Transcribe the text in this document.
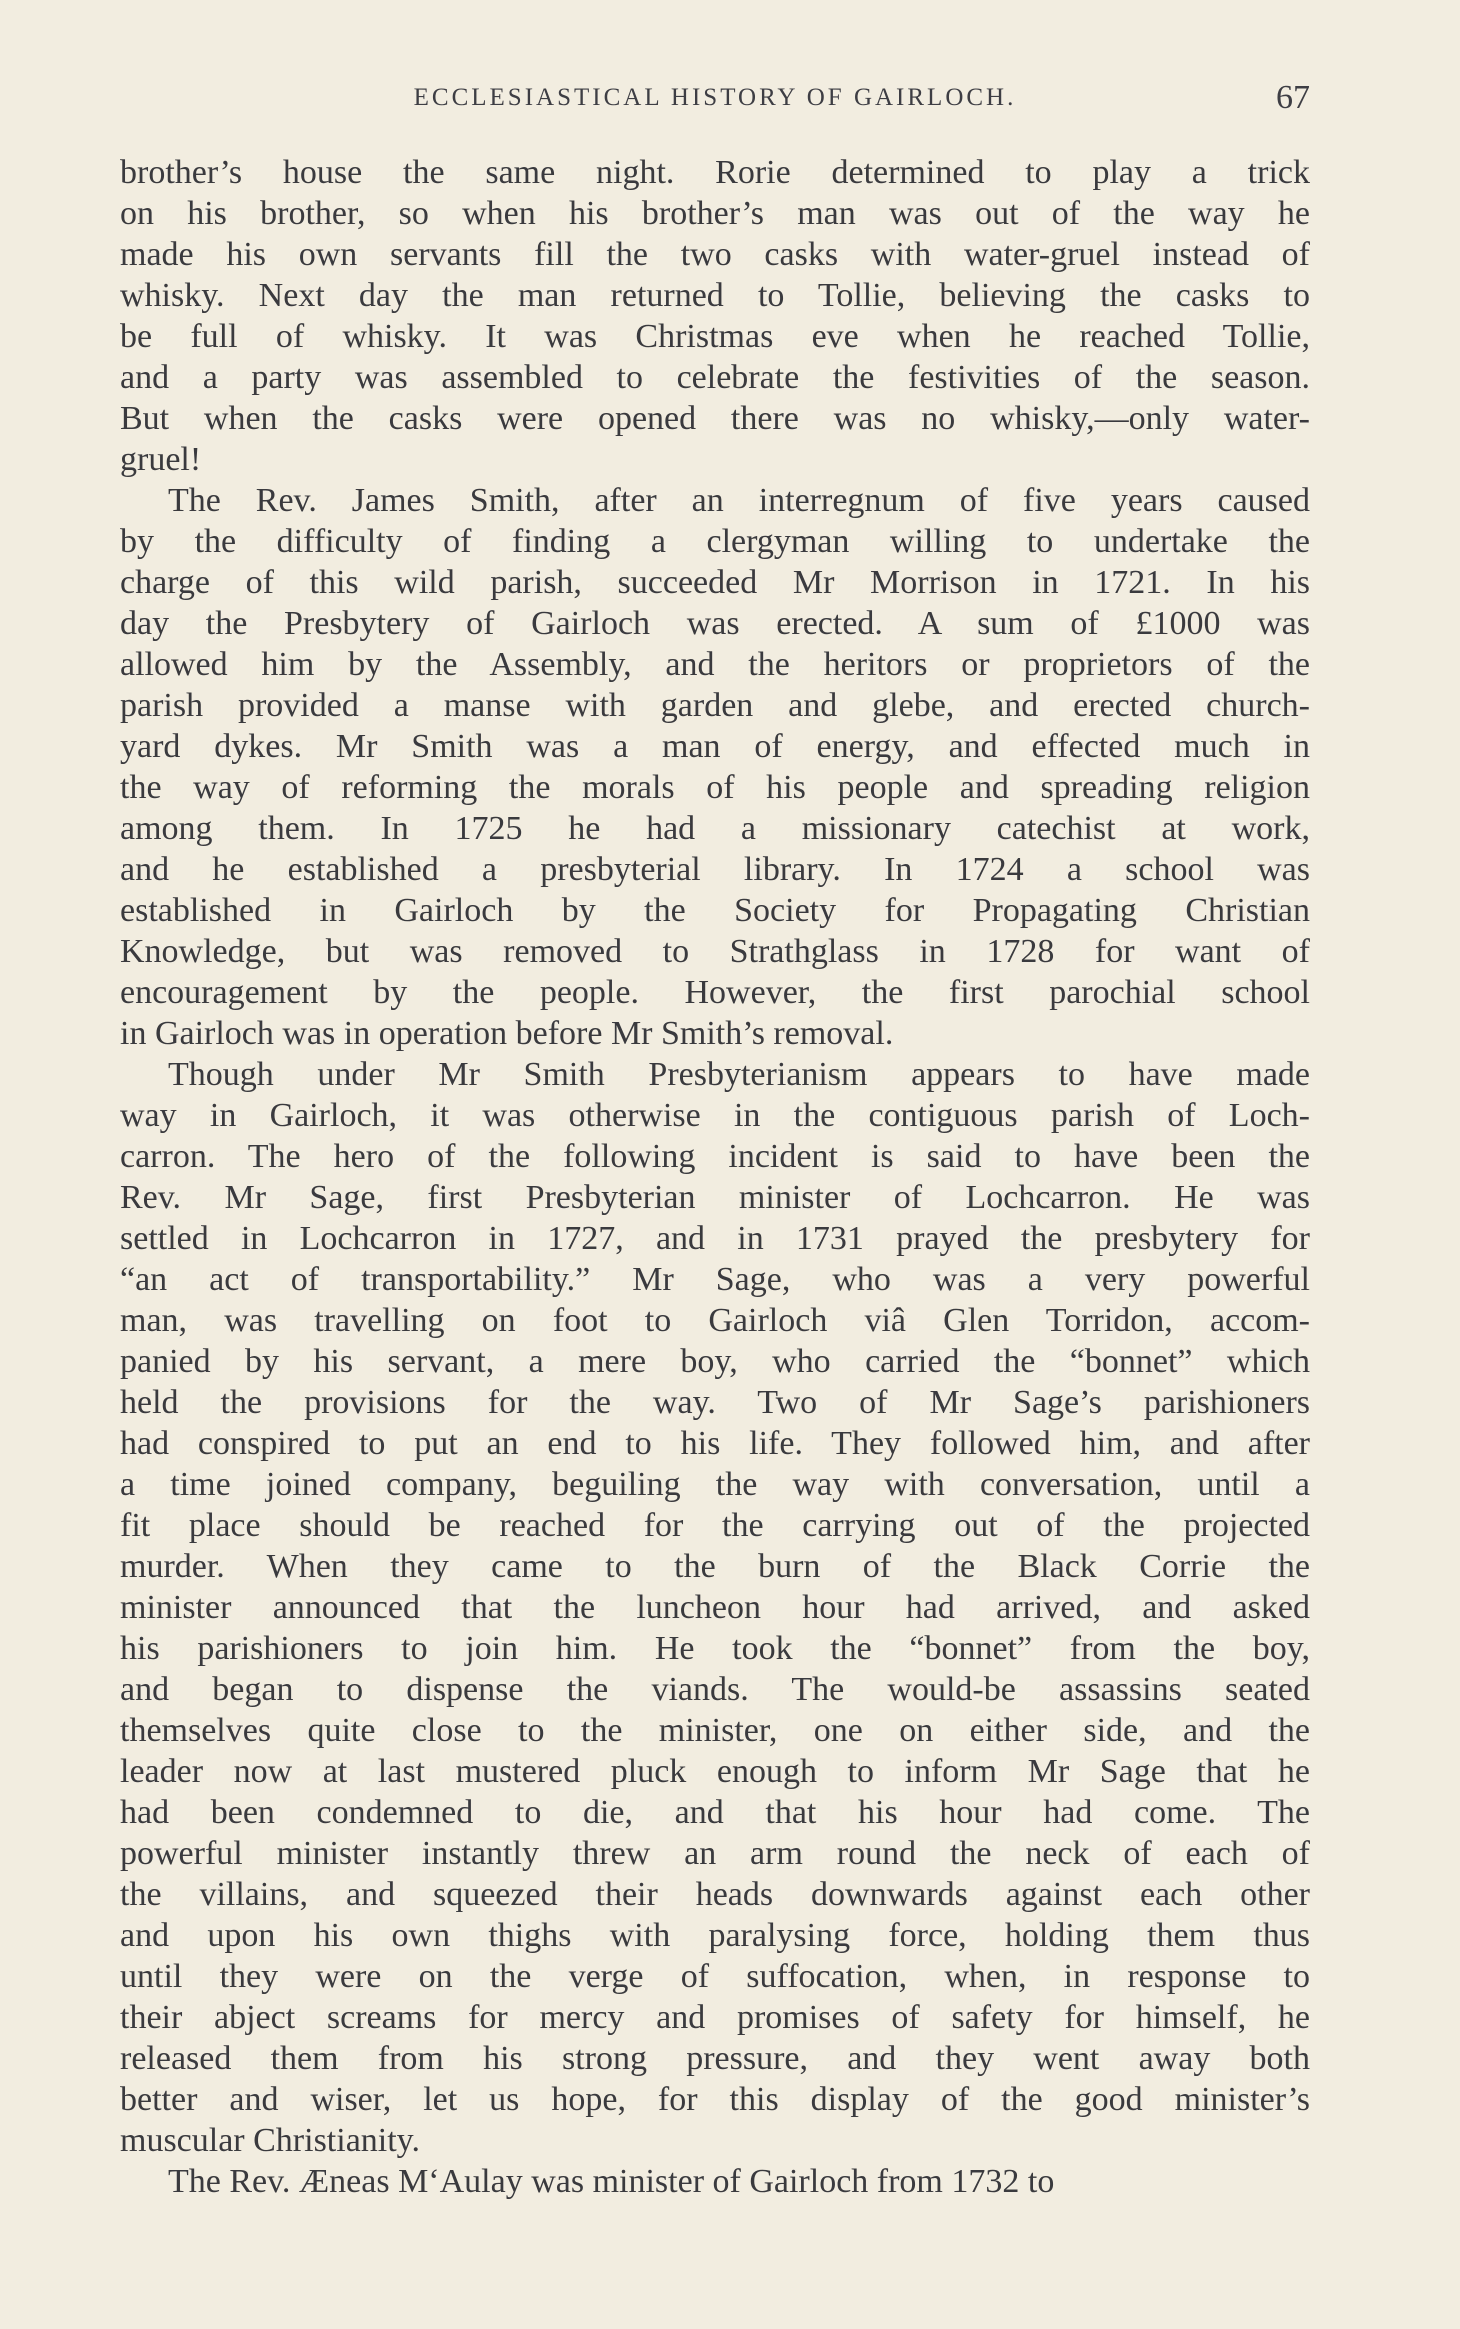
ECCLESIASTICAL HISTORY OF GAIRLOCH.	67
brother’s house the same night. Rorie determined to play a trick
on his brother, so when his brother’s man was out of the way he
made his own servants fill the two casks with water-gruel instead of
whisky. Next day the man returned to Tollie, believing the casks to
be full of whisky. It was Christmas eve when he reached Tollie,
and a party was assembled to celebrate the festivities of the season.
But when the casks were opened there was no whisky,—only water-
gruel!
The Rev. James Smith, after an interregnum of five years caused
by the difficulty of finding a clergyman willing to undertake the
charge of this wild parish, succeeded Mr Morrison in 1721. In his
day the Presbytery of Gairloch was erected. A sum of £1000 was
allowed him by the Assembly, and the heritors or proprietors of the
parish provided a manse with garden and glebe, and erected church-
yard dykes. Mr Smith was a man of energy, and effected much in
the way of reforming the morals of his people and spreading religion
among them. In 1725 he had a missionary catechist at work,
and he established a presbyterial library. In 1724 a school was
established in Gairloch by the Society for Propagating Christian
Knowledge, but was removed to Strathglass in 1728 for want of
encouragement by the people. However, the first parochial school
in Gairloch was in operation before Mr Smith’s removal.
Though under Mr Smith Presbyterianism appears to have made
way in Gairloch, it was otherwise in the contiguous parish of Loch-
carron. The hero of the following incident is said to have been the
Rev. Mr Sage, first Presbyterian minister of Lochcarron. He was
settled in Lochcarron in 1727, and in 1731 prayed the presbytery for
“an act of transportability.” Mr Sage, who was a very powerful
man, was travelling on foot to Gairloch viâ Glen Torridon, accom-
panied by his servant, a mere boy, who carried the “bonnet” which
held the provisions for the way. Two of Mr Sage’s parishioners
had conspired to put an end to his life. They followed him, and after
a time joined company, beguiling the way with conversation, until a
fit place should be reached for the carrying out of the projected
murder. When they came to the burn of the Black Corrie the
minister announced that the luncheon hour had arrived, and asked
his parishioners to join him. He took the “bonnet” from the boy,
and began to dispense the viands. The would-be assassins seated
themselves quite close to the minister, one on either side, and the
leader now at last mustered pluck enough to inform Mr Sage that he
had been condemned to die, and that his hour had come. The
powerful minister instantly threw an arm round the neck of each of
the villains, and squeezed their heads downwards against each other
and upon his own thighs with paralysing force, holding them thus
until they were on the verge of suffocation, when, in response to
their abject screams for mercy and promises of safety for himself, he
released them from his strong pressure, and they went away both
better and wiser, let us hope, for this display of the good minister’s
muscular Christianity.
The Rev. Æneas M‘Aulay was minister of Gairloch from 1732 to
